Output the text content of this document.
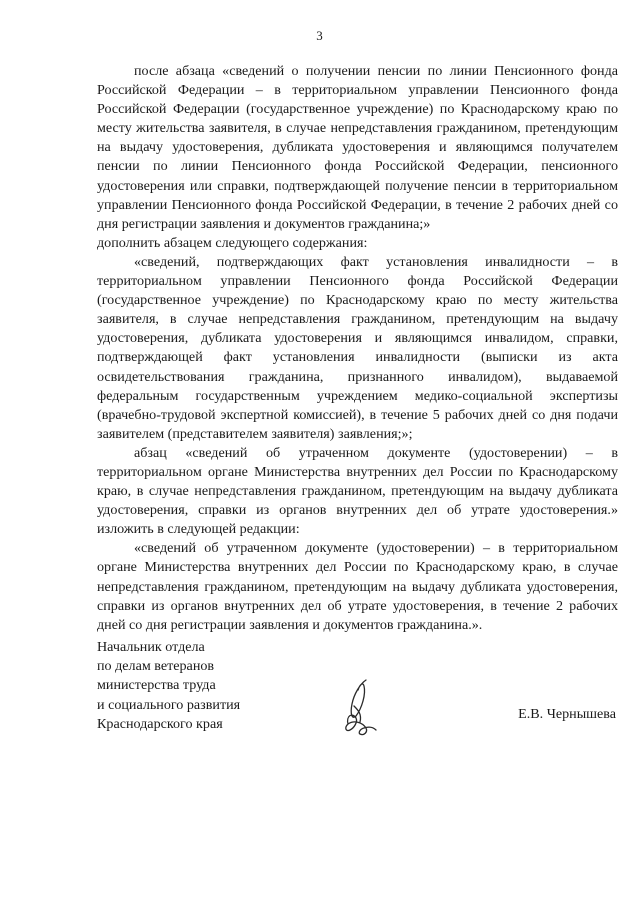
3

после абзаца «сведений о получении пенсии по линии Пенсионного фонда Российской Федерации – в территориальном управлении Пенсионного фонда Российской Федерации (государственное учреждение) по Краснодарскому краю по месту жительства заявителя, в случае непредставления гражданином, претендующим на выдачу удостоверения, дубликата удостоверения и являющимся получателем пенсии по линии Пенсионного фонда Российской Федерации, пенсионного удостоверения или справки, подтверждающей получение пенсии в территориальном управлении Пенсионного фонда Российской Федерации, в течение 2 рабочих дней со дня регистрации заявления и документов гражданина;»

дополнить абзацем следующего содержания:

«сведений, подтверждающих факт установления инвалидности – в территориальном управлении Пенсионного фонда Российской Федерации (государственное учреждение) по Краснодарскому краю по месту жительства заявителя, в случае непредставления гражданином, претендующим на выдачу удостоверения, дубликата удостоверения и являющимся инвалидом, справки, подтверждающей факт установления инвалидности (выписки из акта освидетельствования гражданина, признанного инвалидом), выдаваемой федеральным государственным учреждением медико-социальной экспертизы (врачебно-трудовой экспертной комиссией), в течение 5 рабочих дней со дня подачи заявителем (представителем заявителя) заявления;»;

абзац «сведений об утраченном документе (удостоверении) – в территориальном органе Министерства внутренних дел России по Краснодарскому краю, в случае непредставления гражданином, претендующим на выдачу дубликата удостоверения, справки из органов внутренних дел об утрате удостоверения.» изложить в следующей редакции:

«сведений об утраченном документе (удостоверении) – в территориальном органе Министерства внутренних дел России по Краснодарскому краю, в случае непредставления гражданином, претендующим на выдачу дубликата удостоверения, справки из органов внутренних дел об утрате удостоверения, в течение 2 рабочих дней со дня регистрации заявления и документов гражданина.».

Начальник отдела
по делам ветеранов
министерства труда
и социального развития
Краснодарского края
Е.В. Чернышева
